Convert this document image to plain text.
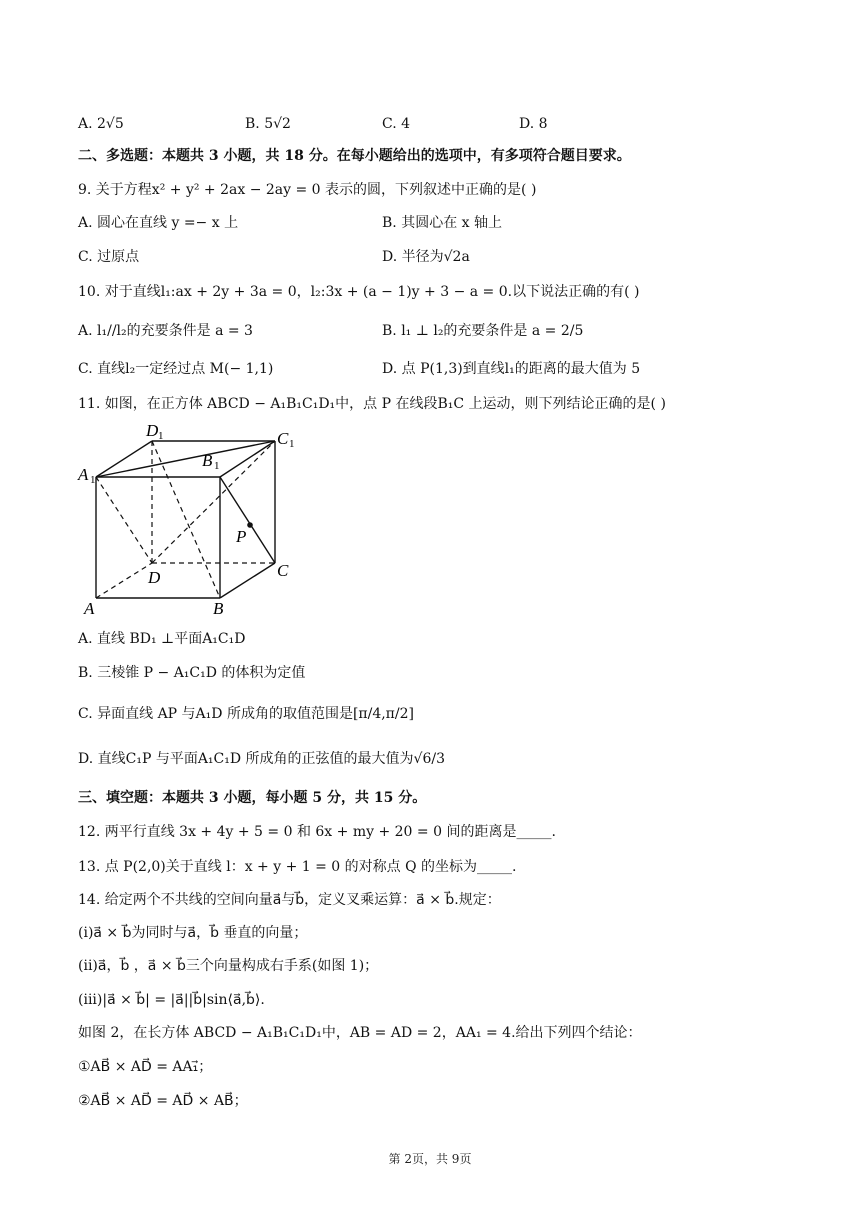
A. 2√5	B. 5√2	C. 4	D. 8
二、多选题：本题共 3 小题，共 18 分。在每小题给出的选项中，有多项符合题目要求。
9. 关于方程x² + y² + 2ax − 2ay = 0 表示的圆，下列叙述中正确的是( )
A. 圆心在直线 y =− x 上	B. 其圆心在 x 轴上
C. 过原点	D. 半径为√2a
10. 对于直线l₁:ax + 2y + 3a = 0，l₂:3x + (a − 1)y + 3 − a = 0.以下说法正确的有( )
A. l₁//l₂的充要条件是 a = 3	B. l₁ ⊥ l₂的充要条件是 a = 2/5
C. 直线l₂一定经过点 M(− 1,1)	D. 点 P(1,3)到直线l₁的距离的最大值为 5
11. 如图，在正方体 ABCD − A₁B₁C₁D₁中，点 P 在线段B₁C 上运动，则下列结论正确的是( )
D 1	C 1
B 1
A 1
P
D	C
A	B
A. 直线 BD₁ ⊥平面A₁C₁D
B. 三棱锥 P − A₁C₁D 的体积为定值
C. 异面直线 AP 与A₁D 所成角的取值范围是[π/4,π/2]
D. 直线C₁P 与平面A₁C₁D 所成角的正弦值的最大值为√6/3
三、填空题：本题共 3 小题，每小题 5 分，共 15 分。
12. 两平行直线 3x + 4y + 5 = 0 和 6x + my + 20 = 0 间的距离是_____.
13. 点 P(2,0)关于直线 l：x + y + 1 = 0 的对称点 Q 的坐标为_____.
14. 给定两个不共线的空间向量a⃗与b⃗，定义叉乘运算：a⃗ × b⃗.规定：
(i)a⃗ × b⃗为同时与a⃗，b⃗ 垂直的向量；
(ii)a⃗，b⃗ ，a⃗ × b⃗三个向量构成右手系(如图 1)；
(iii)|a⃗ × b⃗| = |a⃗||b⃗|sin⟨a⃗,b⃗⟩.
如图 2，在长方体 ABCD − A₁B₁C₁D₁中，AB = AD = 2，AA₁ = 4.给出下列四个结论：
①AB⃗ × AD⃗ = AA₁⃗；
②AB⃗ × AD⃗ = AD⃗ × AB⃗；
第 2页，共 9页
